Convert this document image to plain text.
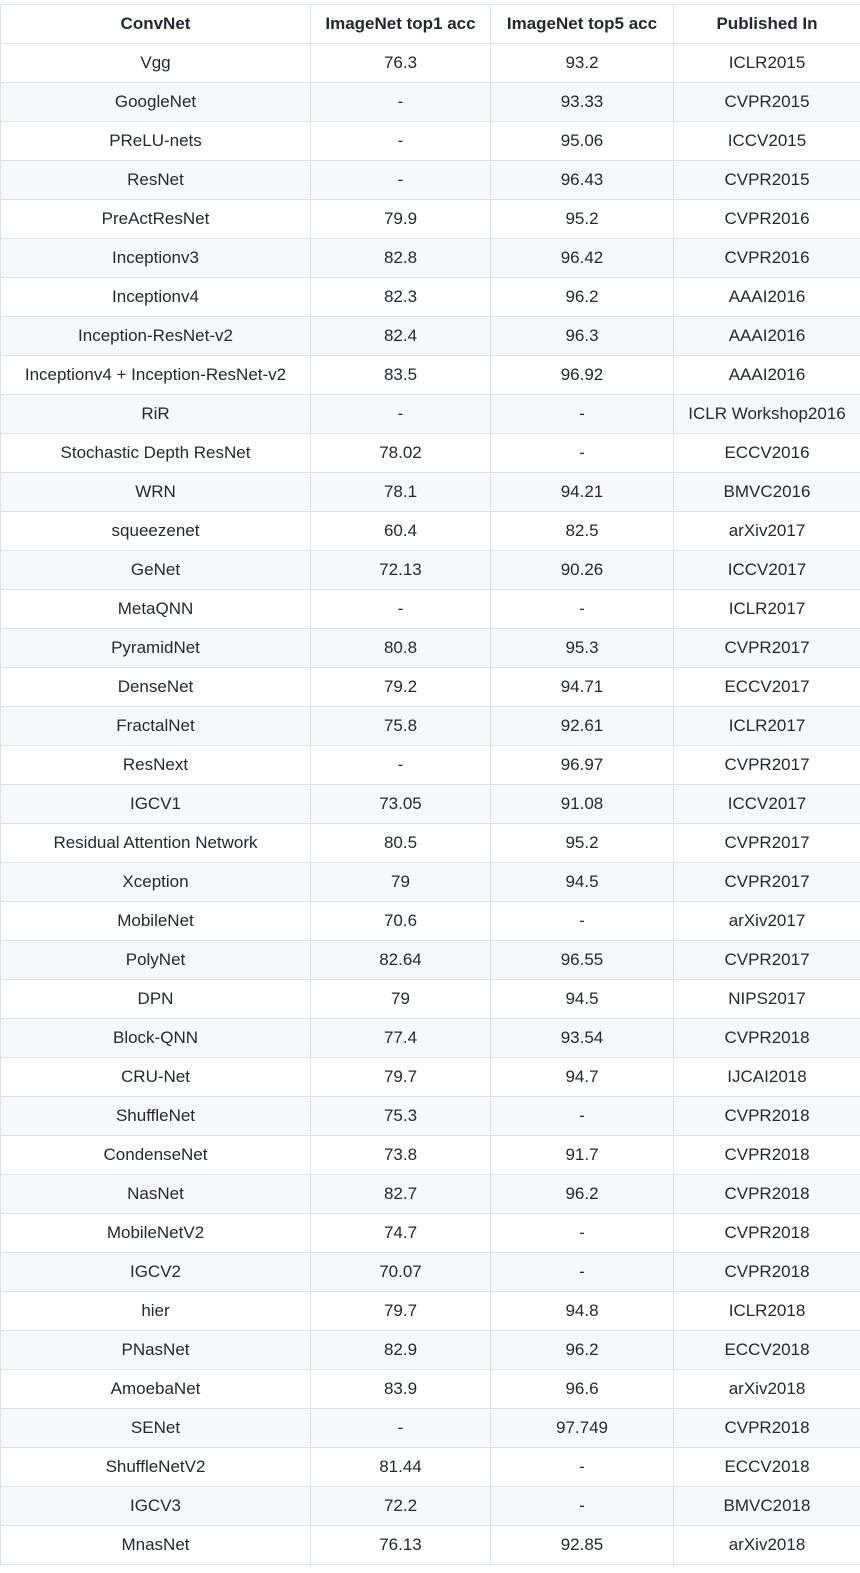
ConvNet	ImageNet top1 acc	ImageNet top5 acc	Published In
Vgg	76.3	93.2	ICLR2015
GoogleNet	-	93.33	CVPR2015
PReLU-nets	-	95.06	ICCV2015
ResNet	-	96.43	CVPR2015
PreActResNet	79.9	95.2	CVPR2016
Inceptionv3	82.8	96.42	CVPR2016
Inceptionv4	82.3	96.2	AAAI2016
Inception-ResNet-v2	82.4	96.3	AAAI2016
Inceptionv4 + Inception-ResNet-v2	83.5	96.92	AAAI2016
RiR	-	-	ICLR Workshop2016
Stochastic Depth ResNet	78.02	-	ECCV2016
WRN	78.1	94.21	BMVC2016
squeezenet	60.4	82.5	arXiv2017
GeNet	72.13	90.26	ICCV2017
MetaQNN	-	-	ICLR2017
PyramidNet	80.8	95.3	CVPR2017
DenseNet	79.2	94.71	ECCV2017
FractalNet	75.8	92.61	ICLR2017
ResNext	-	96.97	CVPR2017
IGCV1	73.05	91.08	ICCV2017
Residual Attention Network	80.5	95.2	CVPR2017
Xception	79	94.5	CVPR2017
MobileNet	70.6	-	arXiv2017
PolyNet	82.64	96.55	CVPR2017
DPN	79	94.5	NIPS2017
Block-QNN	77.4	93.54	CVPR2018
CRU-Net	79.7	94.7	IJCAI2018
ShuffleNet	75.3	-	CVPR2018
CondenseNet	73.8	91.7	CVPR2018
NasNet	82.7	96.2	CVPR2018
MobileNetV2	74.7	-	CVPR2018
IGCV2	70.07	-	CVPR2018
hier	79.7	94.8	ICLR2018
PNasNet	82.9	96.2	ECCV2018
AmoebaNet	83.9	96.6	arXiv2018
SENet	-	97.749	CVPR2018
ShuffleNetV2	81.44	-	ECCV2018
IGCV3	72.2	-	BMVC2018
MnasNet	76.13	92.85	arXiv2018
